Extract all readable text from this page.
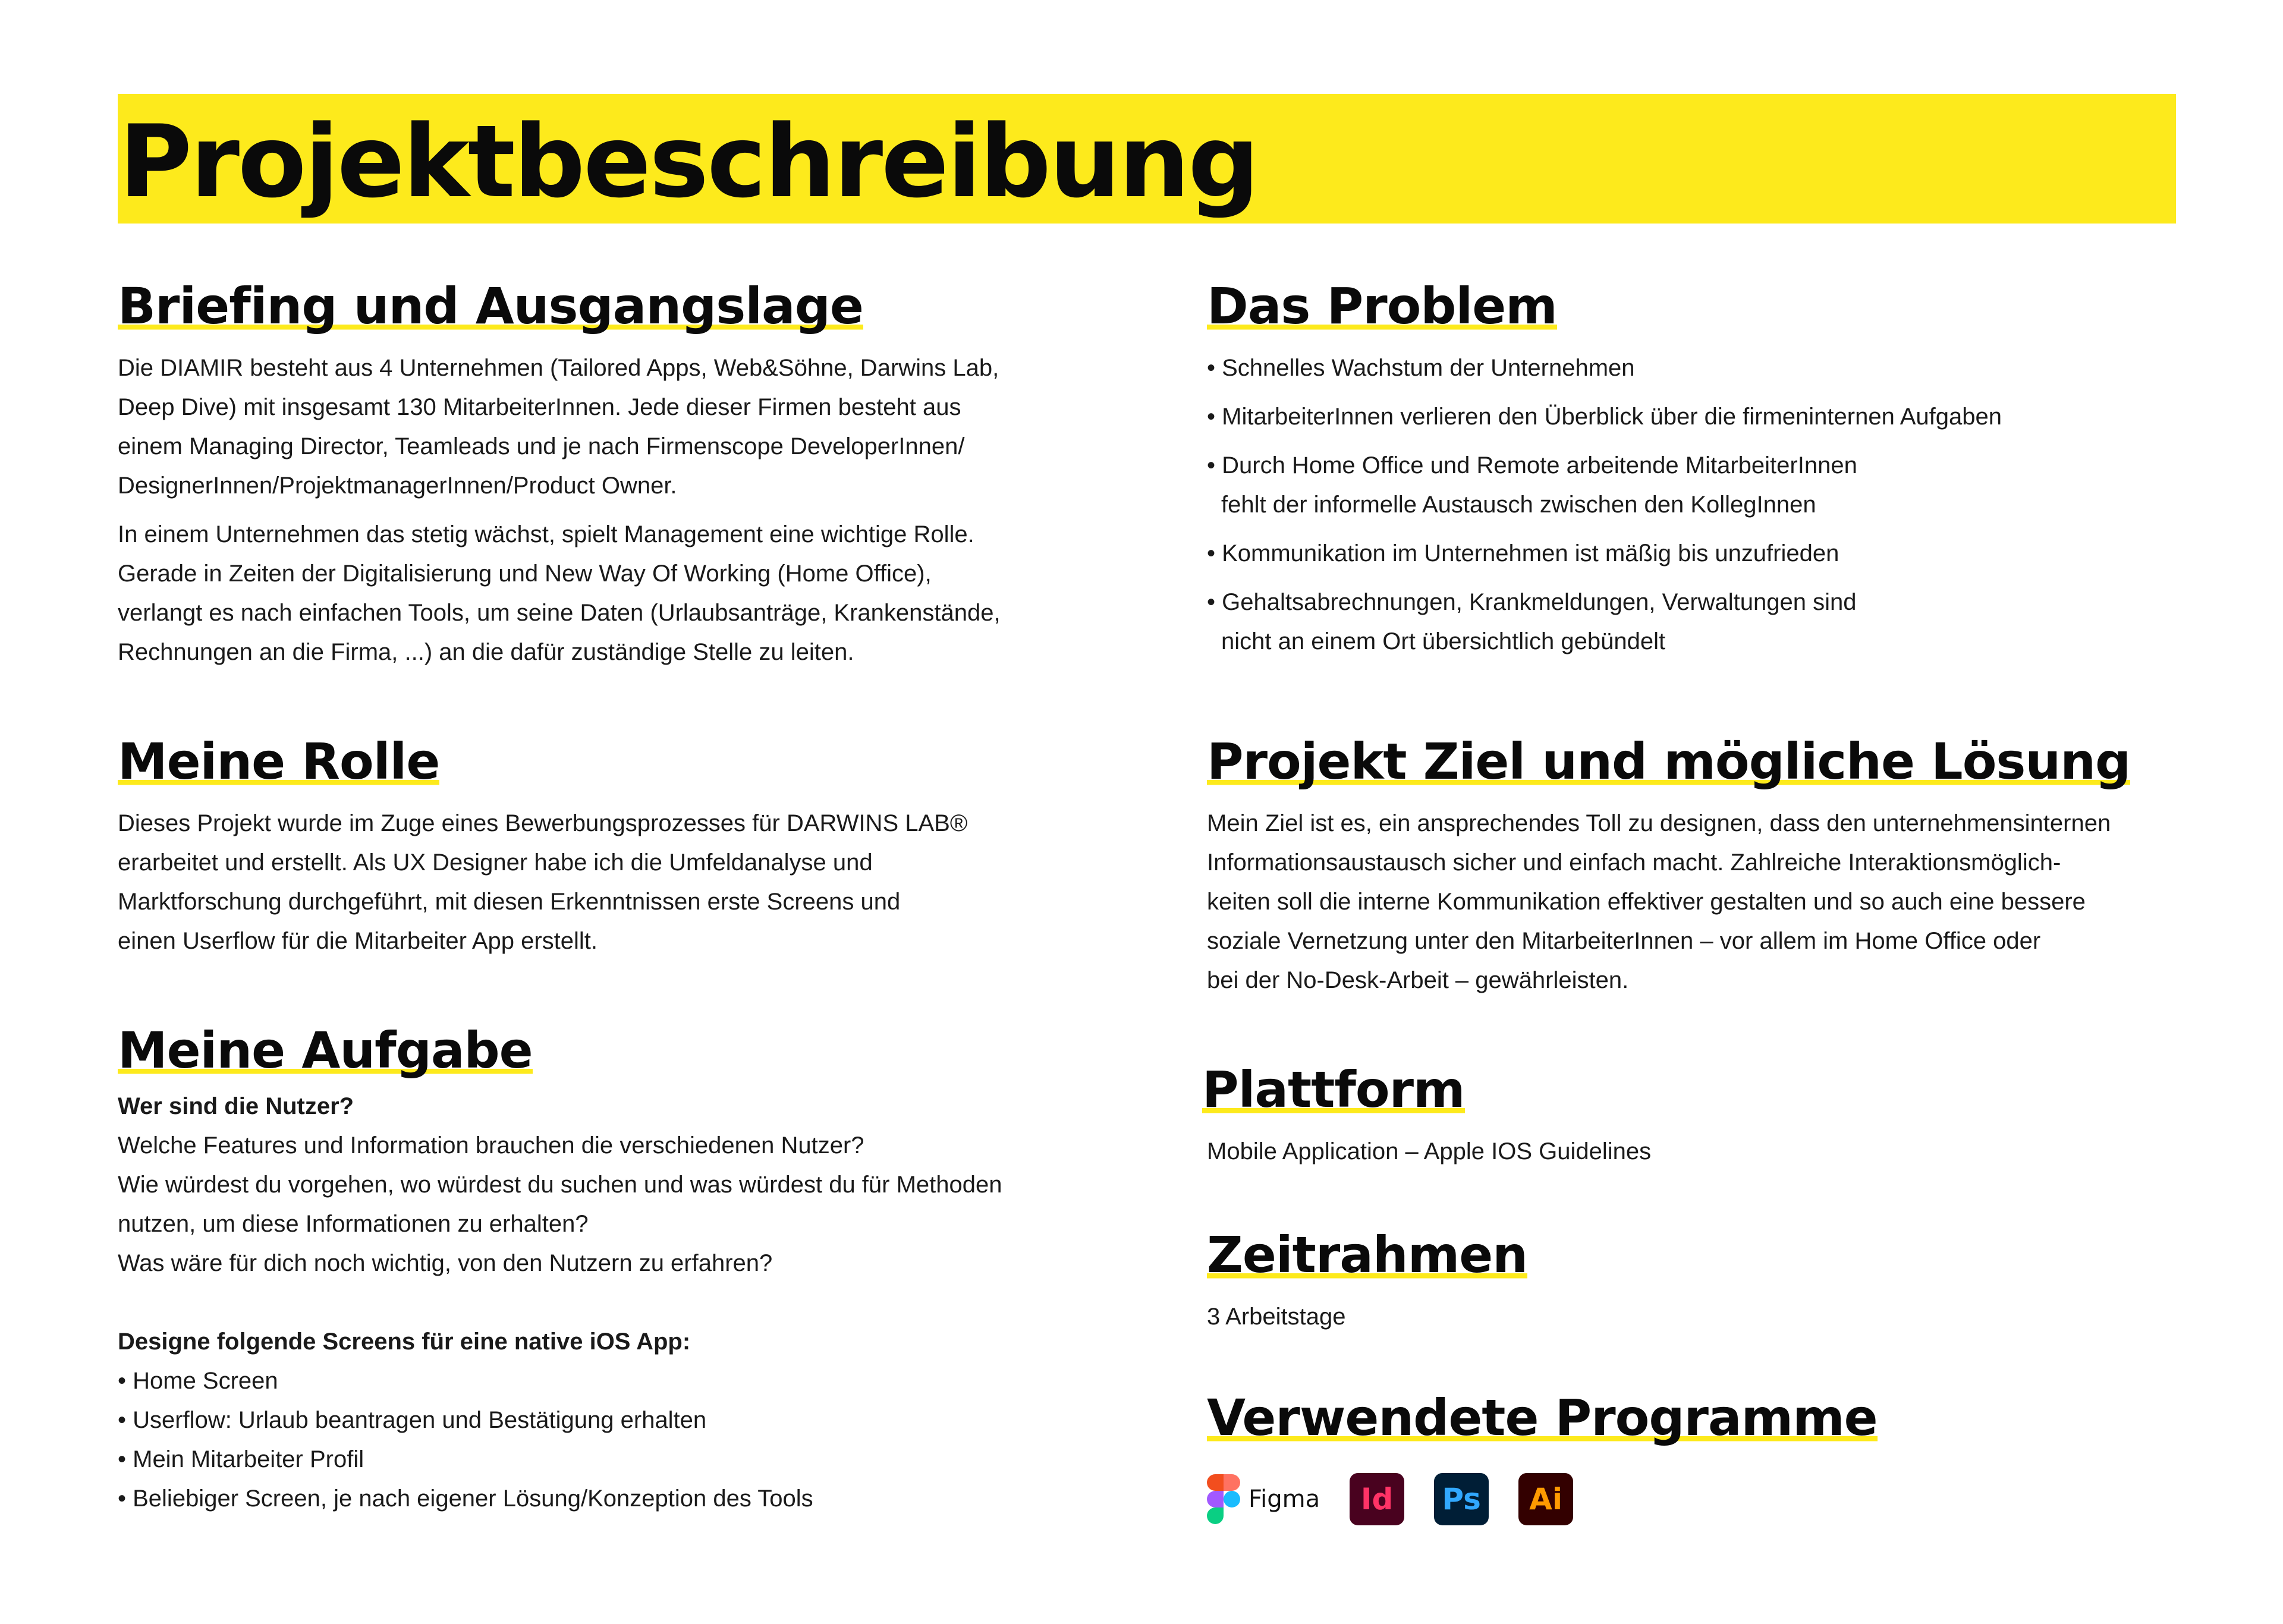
Projektbeschreibung
Briefing und Ausgangslage
Die DIAMIR besteht aus 4 Unternehmen (Tailored Apps, Web&Söhne, Darwins Lab,
Deep Dive) mit insgesamt 130 MitarbeiterInnen. Jede dieser Firmen besteht aus
einem Managing Director, Teamleads und je nach Firmenscope DeveloperInnen/
DesignerInnen/ProjektmanagerInnen/Product Owner.
In einem Unternehmen das stetig wächst, spielt Management eine wichtige Rolle.
Gerade in Zeiten der Digitalisierung und New Way Of Working (Home Office),
verlangt es nach einfachen Tools, um seine Daten (Urlaubsanträge, Krankenstände,
Rechnungen an die Firma, ...) an die dafür zuständige Stelle zu leiten.
Meine Rolle
Dieses Projekt wurde im Zuge eines Bewerbungsprozesses für DARWINS LAB®
erarbeitet und erstellt. Als UX Designer habe ich die Umfeldanalyse und
Marktforschung durchgeführt, mit diesen Erkenntnissen erste Screens und
einen Userflow für die Mitarbeiter App erstellt.
Meine Aufgabe
Wer sind die Nutzer?
Welche Features und Information brauchen die verschiedenen Nutzer?
Wie würdest du vorgehen, wo würdest du suchen und was würdest du für Methoden
nutzen, um diese Informationen zu erhalten?
Was wäre für dich noch wichtig, von den Nutzern zu erfahren?
Designe folgende Screens für eine native iOS App:
• Home Screen
• Userflow: Urlaub beantragen und Bestätigung erhalten
• Mein Mitarbeiter Profil
• Beliebiger Screen, je nach eigener Lösung/Konzeption des Tools
Das Problem
• Schnelles Wachstum der Unternehmen
• MitarbeiterInnen verlieren den Überblick über die firmeninternen Aufgaben
• Durch Home Office und Remote arbeitende MitarbeiterInnen
fehlt der informelle Austausch zwischen den KollegInnen
• Kommunikation im Unternehmen ist mäßig bis unzufrieden
• Gehaltsabrechnungen, Krankmeldungen, Verwaltungen sind
nicht an einem Ort übersichtlich gebündelt
Projekt Ziel und mögliche Lösung
Mein Ziel ist es, ein ansprechendes Toll zu designen, dass den unternehmensinternen
Informationsaustausch sicher und einfach macht. Zahlreiche Interaktionsmöglich-
keiten soll die interne Kommunikation effektiver gestalten und so auch eine bessere
soziale Vernetzung unter den MitarbeiterInnen – vor allem im Home Office oder
bei der No-Desk-Arbeit – gewährleisten.
Plattform
Mobile Application – Apple IOS Guidelines
Zeitrahmen
3 Arbeitstage
Verwendete Programme
Figma Id Ps Ai
